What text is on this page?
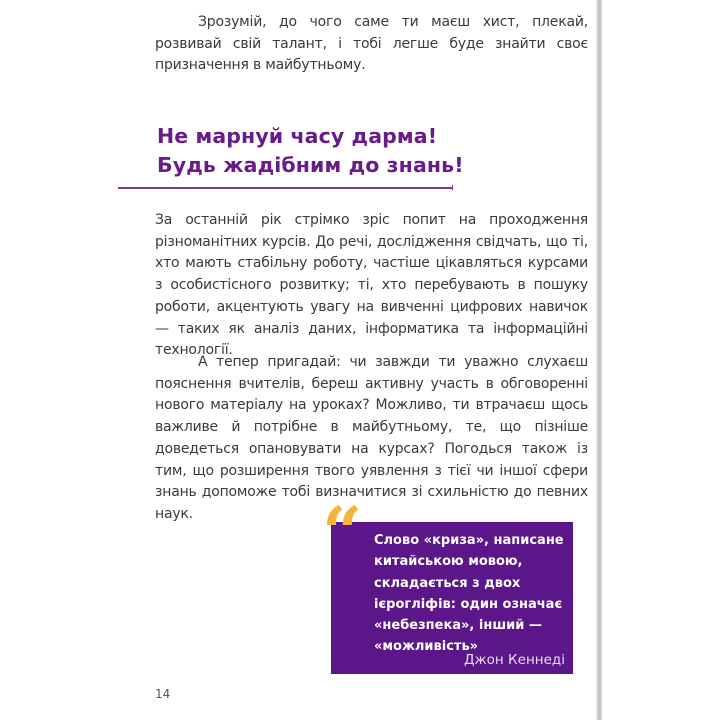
Зрозумій, до чого саме ти маєш хист, плекай, розвивай свій талант, і тобі легше буде знайти своє призначення в майбутньому.

Не марнуй часу дарма!
Будь жадібним до знань!

За останній рік стрімко зріс попит на проходження різноманітних курсів. До речі, дослідження свідчать, що ті, хто мають стабільну роботу, частіше цікавляться курсами з особистісного розвитку; ті, хто перебувають в пошуку роботи, акцентують увагу на вивченні цифрових навичок — таких як аналіз даних, інформатика та інформаційні технології.

А тепер пригадай: чи завжди ти уважно слухаєш пояснення вчителів, береш активну участь в обговоренні нового матеріалу на уроках? Можливо, ти втрачаєш щось важливе й потрібне в майбутньому, те, що пізніше доведеться опановувати на курсах? Погодься також із тим, що розширення твого уявлення з тієї чи іншої сфери знань допоможе тобі визначитися зі схильністю до певних наук.

Джон Кеннеді
“ Слово «криза», написане китайською мовою, складається з двох ієрогліфів: один означає «небезпека», інший — «можливість»

14
